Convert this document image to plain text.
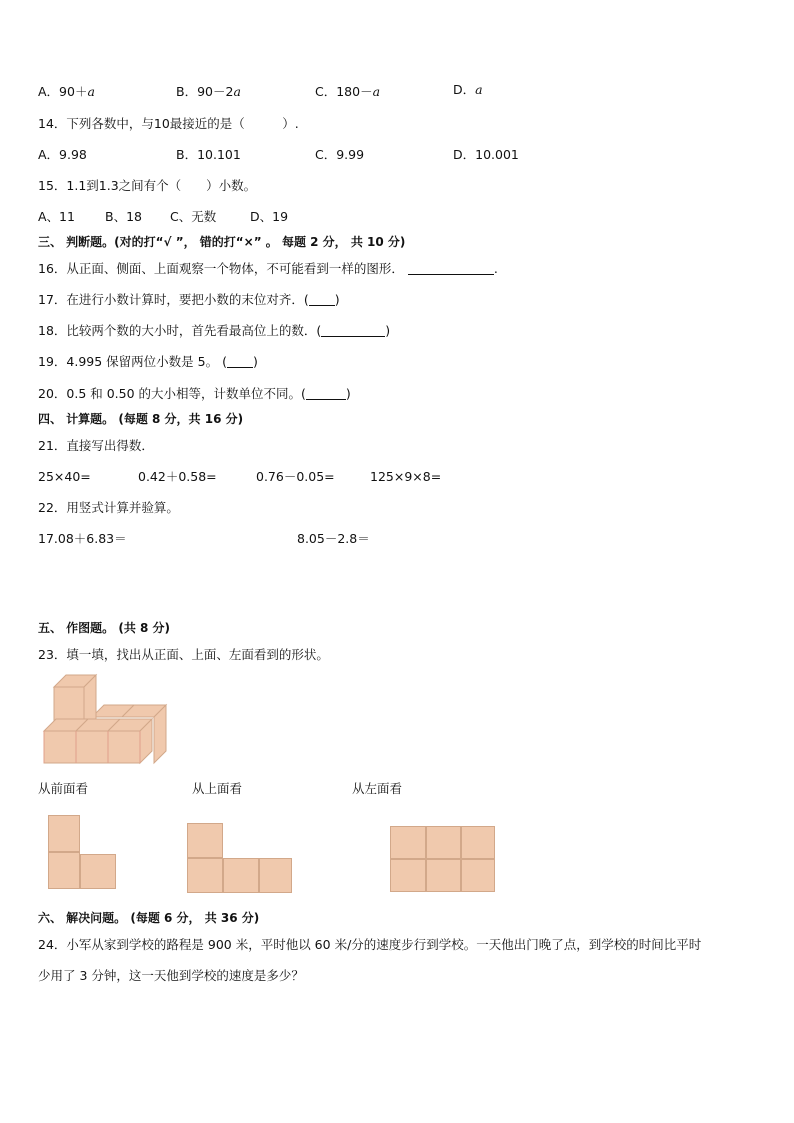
A．90＋a	B．90－2a	C．180－a	D．a
14．下列各数中，与10最接近的是（　　　）.
A．9.98	B．10.101	C．9.99	D．10.001
15．1.1到1.3之间有个（　　）小数。
A、11 B、18 C、无数	D、19
三、 判断题。(对的打“√ ”， 错的打“×” 。 每题 2 分， 共 10 分)
16．从正面、侧面、上面观察一个物体，不可能看到一样的图形．	.
17．在进行小数计算时，要把小数的末位对齐．( )
18．比较两个数的大小时，首先看最高位上的数．(	)
19．4.995 保留两位小数是 5。 ( )
20．0.5 和 0.50 的大小相等，计数单位不同。(	)
四、 计算题。 (每题 8 分，共 16 分)
21．直接写出得数．
25×40=	0.42＋0.58=	0.76－0.05=	125×9×8=
22．用竖式计算并验算。
17.08＋6.83＝	8.05－2.8＝
五、 作图题。 (共 8 分)
23．填一填，找出从正面、上面、左面看到的形状。
从前面看	从上面看	从左面看
六、 解决问题。 (每题 6 分， 共 36 分)
24．小军从家到学校的路程是 900 米，平时他以 60 米/分的速度步行到学校。一天他出门晚了点，到学校的时间比平时
少用了 3 分钟，这一天他到学校的速度是多少？
